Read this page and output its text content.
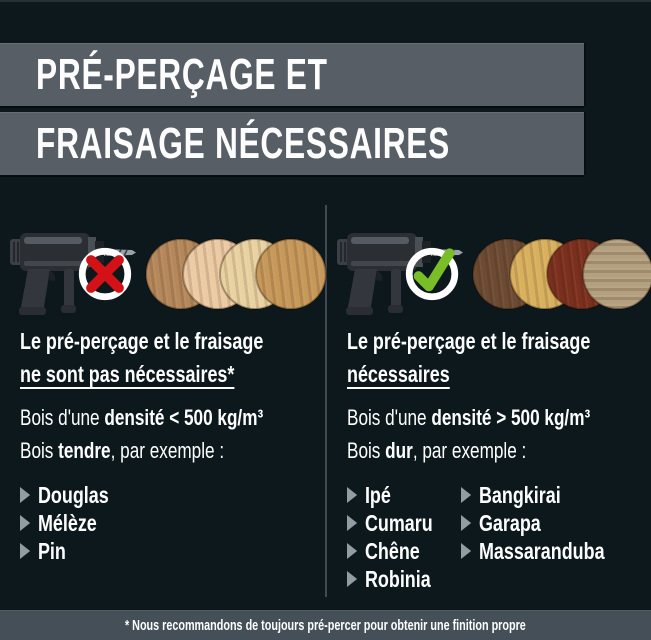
PRÉ-PERÇAGE ET
FRAISAGE NÉCESSAIRES
Le pré-perçage et le fraisage
ne sont pas nécessaires*
Bois d'une densité < 500 kg/m³
Bois tendre, par exemple :
Douglas
Mélèze
Pin
Le pré-perçage et le fraisage
nécessaires
Bois d'une densité > 500 kg/m³
Bois dur, par exemple :
Ipé
Cumaru
Chêne
Robinia
Bangkirai
Garapa
Massaranduba
* Nous recommandons de toujours pré-percer pour obtenir une finition propre
